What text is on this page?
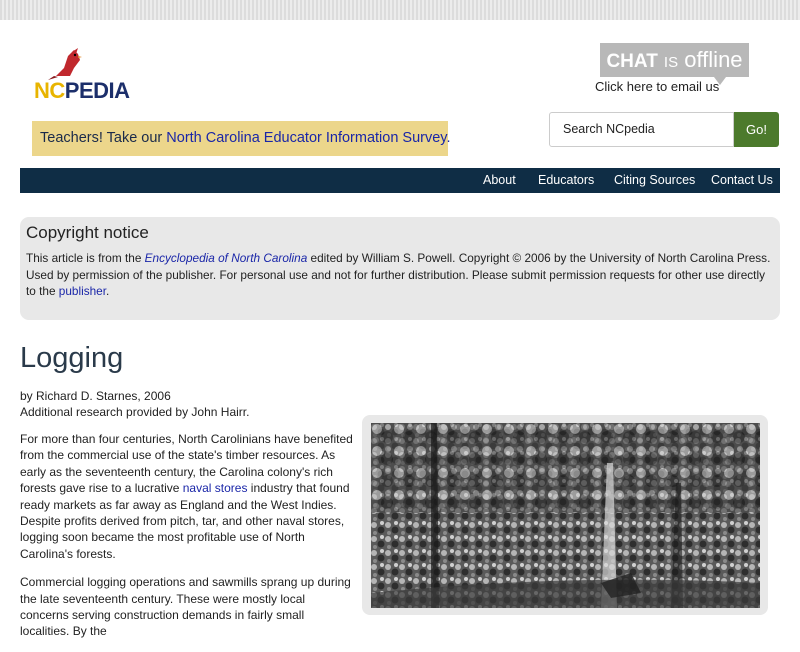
NCPEDIA
CHAT IS offline
Click here to email us
Teachers! Take our North Carolina Educator Information Survey.
Search NCpedia	Go!
About Educators Citing Sources Contact Us
Copyright notice

This article is from the Encyclopedia of North Carolina edited by William S. Powell. Copyright © 2006 by the University of North Carolina Press. Used by permission of the publisher. For personal use and not for further distribution. Please submit permission requests for other use directly to the publisher.

Logging
by Richard D. Starnes, 2006
Additional research provided by John Hairr.

For more than four centuries, North Carolinians have benefited from the commercial use of the state's timber resources. As early as the seventeenth century, the Carolina colony's rich forests gave rise to a lucrative naval stores industry that found ready markets as far away as England and the West Indies. Despite profits derived from pitch, tar, and other naval stores, logging soon became the most profitable use of North Carolina's forests.

Commercial logging operations and sawmills sprang up during the late seventeenth century. These were mostly local concerns serving construction demands in fairly small localities. By the
